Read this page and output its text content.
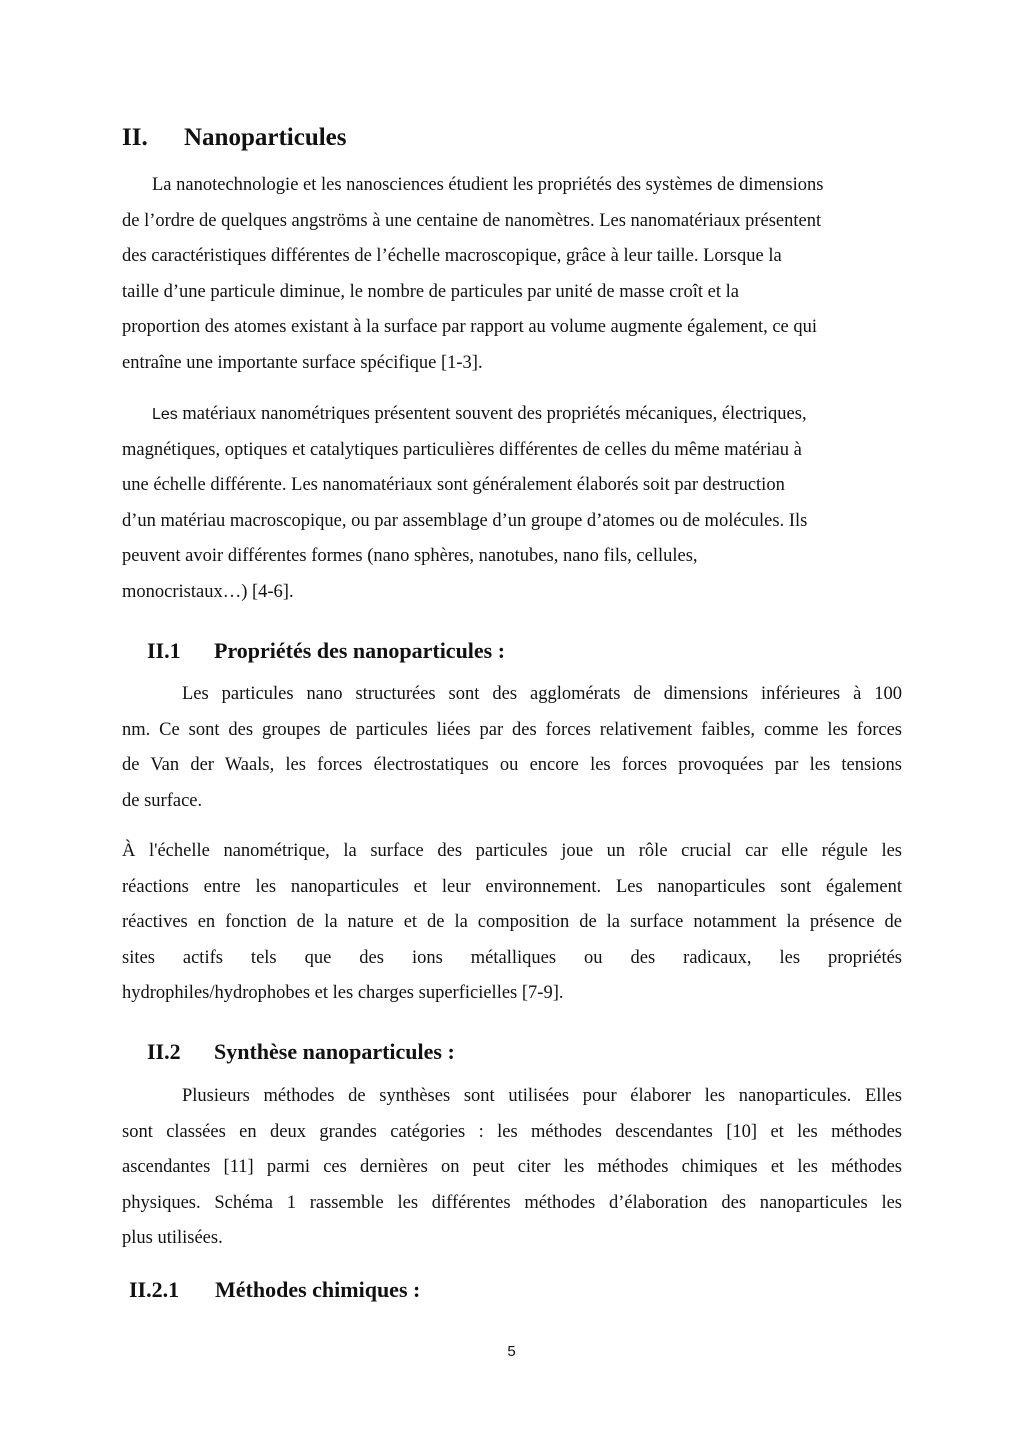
II. Nanoparticules
La nanotechnologie et les nanosciences étudient les propriétés des systèmes de dimensions
de l’ordre de quelques angströms à une centaine de nanomètres. Les nanomatériaux présentent
des caractéristiques différentes de l’échelle macroscopique, grâce à leur taille. Lorsque la
taille d’une particule diminue, le nombre de particules par unité de masse croît et la
proportion des atomes existant à la surface par rapport au volume augmente également, ce qui
entraîne une importante surface spécifique [1-3].
Les matériaux nanométriques présentent souvent des propriétés mécaniques, électriques,
magnétiques, optiques et catalytiques particulières différentes de celles du même matériau à
une échelle différente. Les nanomatériaux sont généralement élaborés soit par destruction
d’un matériau macroscopique, ou par assemblage d’un groupe d’atomes ou de molécules. Ils
peuvent avoir différentes formes (nano sphères, nanotubes, nano fils, cellules,
monocristaux…) [4-6].
II.1 Propriétés des nanoparticules :
Les particules nano structurées sont des agglomérats de dimensions inférieures à 100
nm. Ce sont des groupes de particules liées par des forces relativement faibles, comme les forces
de Van der Waals, les forces électrostatiques ou encore les forces provoquées par les tensions
de surface.
À l'échelle nanométrique, la surface des particules joue un rôle crucial car elle régule les
réactions entre les nanoparticules et leur environnement. Les nanoparticules sont également
réactives en fonction de la nature et de la composition de la surface notamment la présence de
sites actifs tels que des ions métalliques ou des radicaux, les propriétés
hydrophiles/hydrophobes et les charges superficielles [7-9].
II.2 Synthèse nanoparticules :
Plusieurs méthodes de synthèses sont utilisées pour élaborer les nanoparticules. Elles
sont classées en deux grandes catégories : les méthodes descendantes [10] et les méthodes
ascendantes [11] parmi ces dernières on peut citer les méthodes chimiques et les méthodes
physiques. Schéma 1 rassemble les différentes méthodes d’élaboration des nanoparticules les
plus utilisées.
II.2.1 Méthodes chimiques :
5
